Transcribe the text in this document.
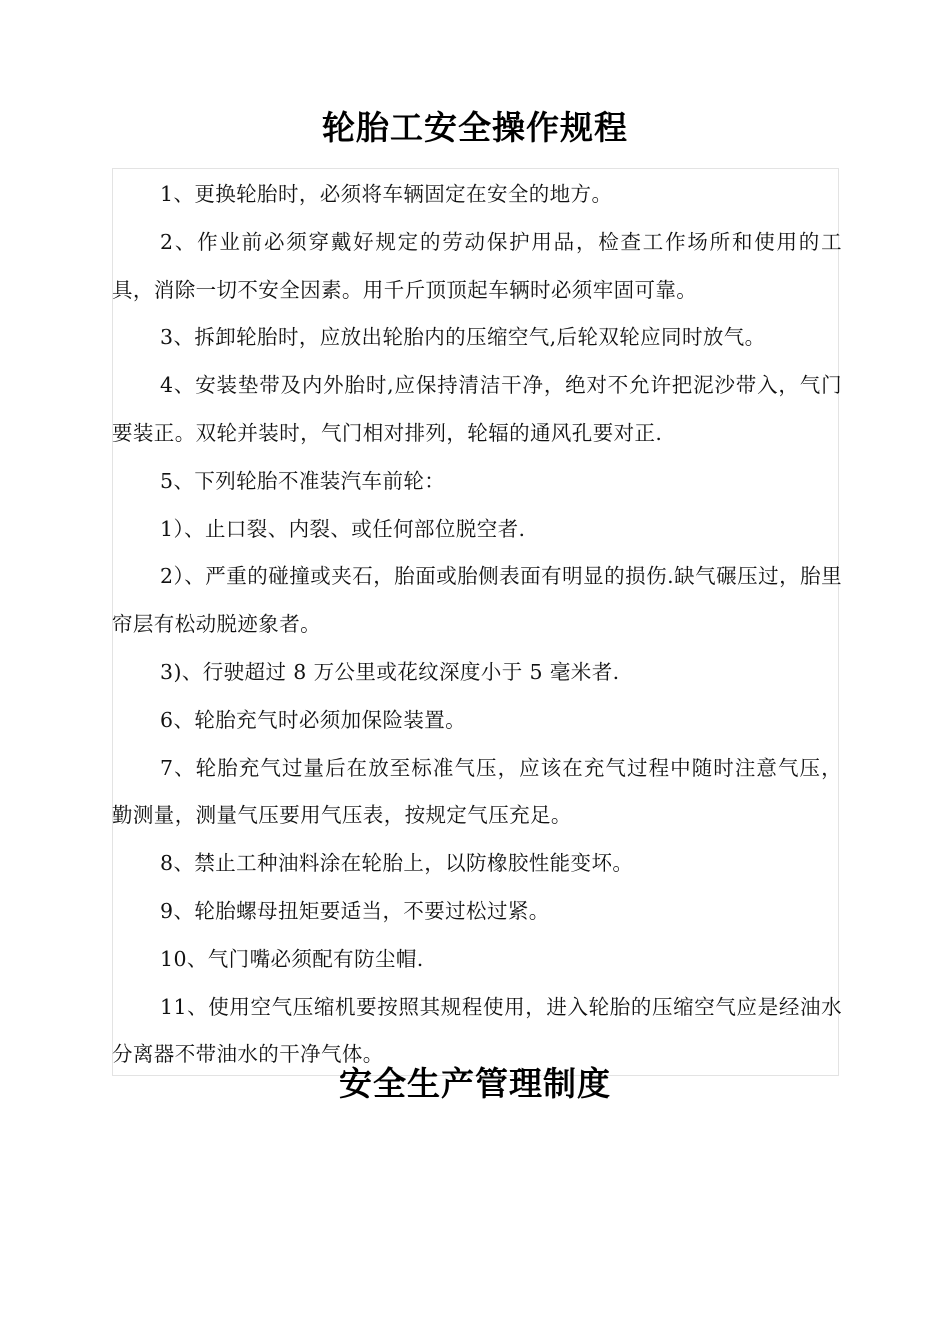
轮胎工安全操作规程

1、更换轮胎时，必须将车辆固定在安全的地方。

2、作业前必须穿戴好规定的劳动保护用品，检查工作场所和使用的工具，消除一切不安全因素。用千斤顶顶起车辆时必须牢固可靠。

3、拆卸轮胎时，应放出轮胎内的压缩空气,后轮双轮应同时放气。

4、安装垫带及内外胎时,应保持清洁干净，绝对不允许把泥沙带入，气门要装正。双轮并装时，气门相对排列，轮辐的通风孔要对正.

5、下列轮胎不准装汽车前轮：

1）、止口裂、内裂、或任何部位脱空者.

2）、严重的碰撞或夹石，胎面或胎侧表面有明显的损伤.缺气碾压过，胎里帘层有松动脱迹象者。

3)、行驶超过 8 万公里或花纹深度小于 5 毫米者.

6、轮胎充气时必须加保险装置。

7、轮胎充气过量后在放至标准气压，应该在充气过程中随时注意气压，勤测量，测量气压要用气压表，按规定气压充足。

8、禁止工种油料涂在轮胎上，以防橡胶性能变坏。

9、轮胎螺母扭矩要适当，不要过松过紧。

10、气门嘴必须配有防尘帽.

11、使用空气压缩机要按照其规程使用，进入轮胎的压缩空气应是经油水分离器不带油水的干净气体。

安全生产管理制度
